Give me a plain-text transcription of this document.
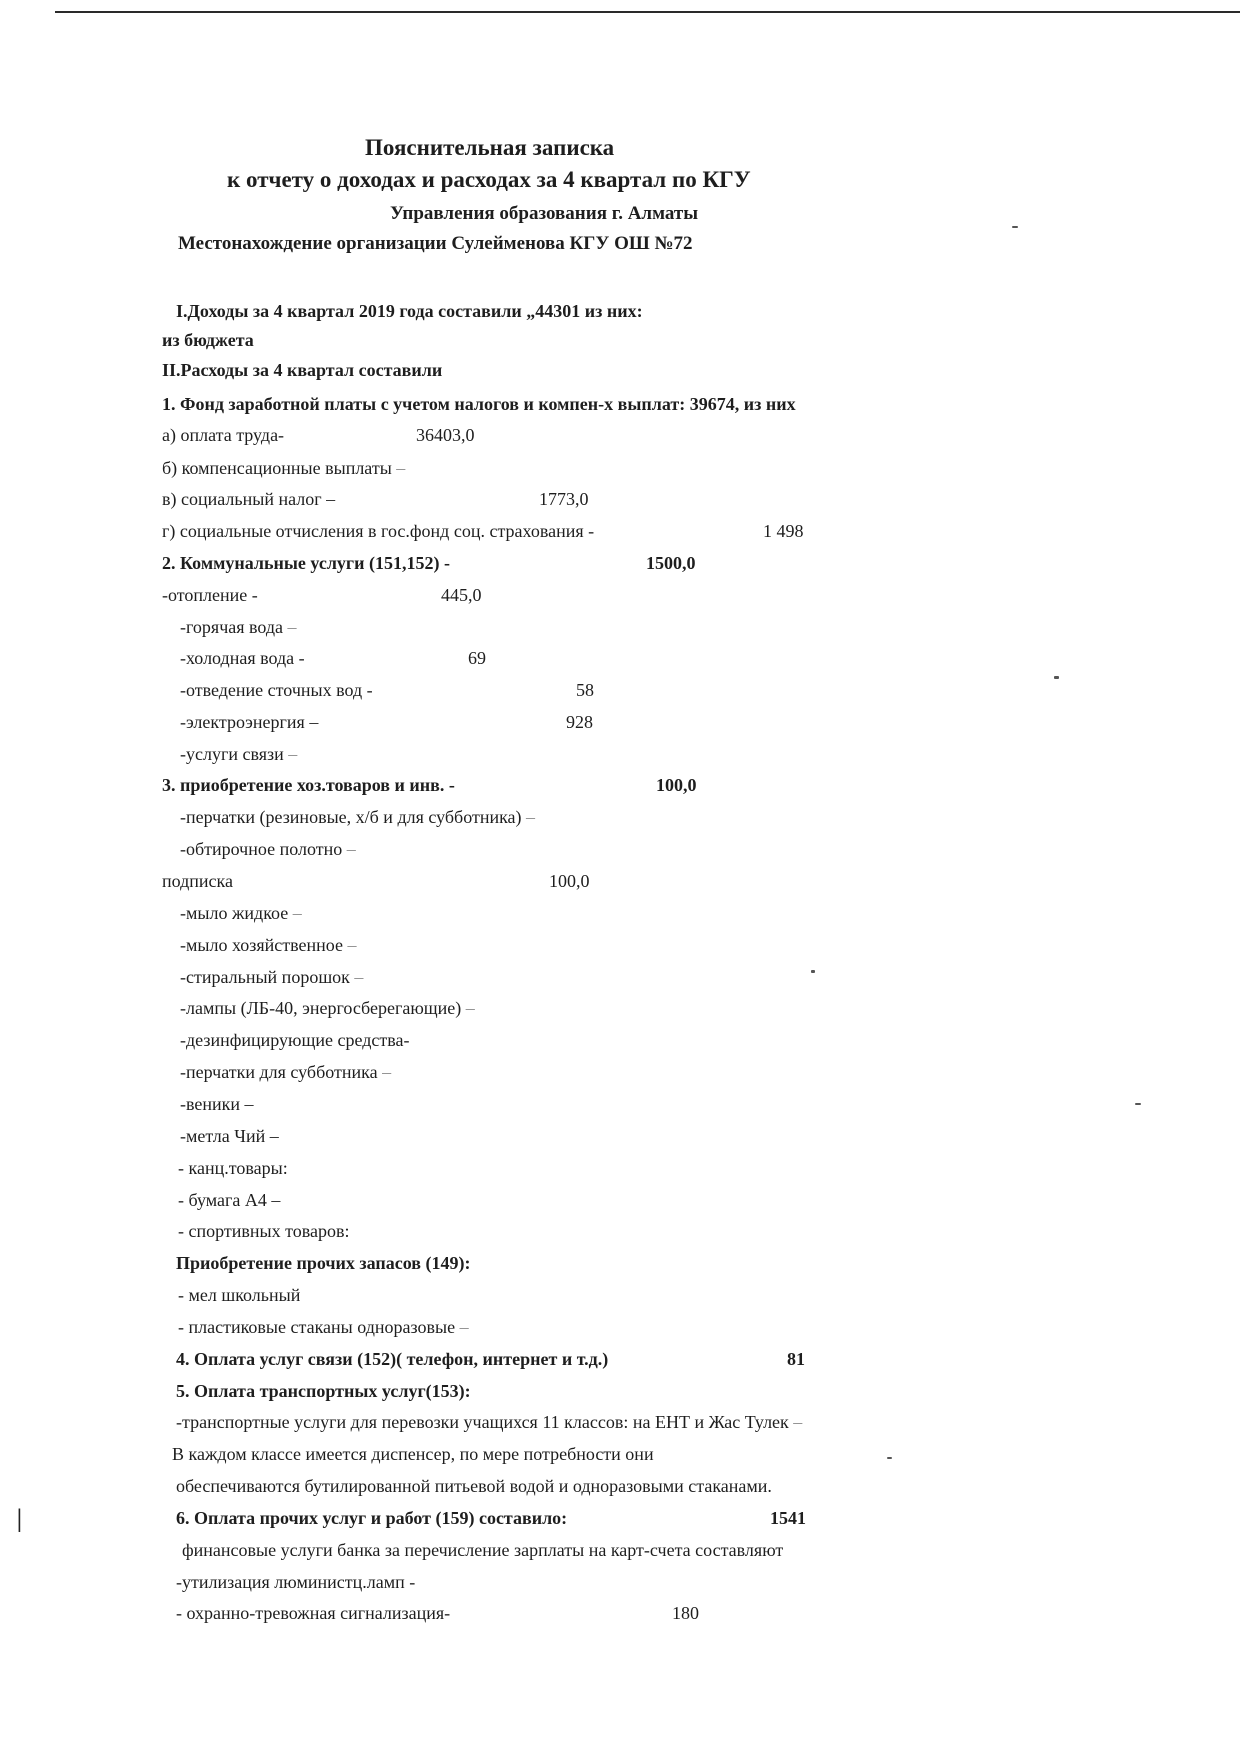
Пояснительная записка
к отчету о доходах и расходах за 4 квартал по КГУ
Управления образования г. Алматы
Местонахождение организации Сулейменова КГУ ОШ №72
I.Доходы за 4 квартал 2019 года составили „44301 из них:
из бюджета
II.Расходы за 4 квартал составили
1. Фонд заработной платы с учетом налогов и компен-х выплат: 39674, из них
а) оплата труда-	36403,0
б) компенсационные выплаты –
в) социальный налог –	1773,0
г) социальные отчисления в гос.фонд соц. страхования -	1 498
2. Коммунальные услуги (151,152) -	1500,0
-отопление -	445,0
-горячая вода –
-холодная вода -	69
-отведение сточных вод -	58
-электроэнергия –	928
-услуги связи –
3. приобретение хоз.товаров и инв. -	100,0
-перчатки (резиновые, х/б и для субботника) –
-обтирочное полотно –
подписка	100,0
-мыло жидкое –
-мыло хозяйственное –
-стиральный порошок –
-лампы (ЛБ-40, энергосберегающие) –
-дезинфицирующие средства-
-перчатки для субботника –
-веники –
-метла Чий –
- канц.товары:
- бумага А4 –
- спортивных товаров:
Приобретение прочих запасов (149):
- мел школьный
- пластиковые стаканы одноразовые –
4. Оплата услуг связи (152)( телефон, интернет и т.д.)	81
5. Оплата транспортных услуг(153):
-транспортные услуги для перевозки учащихся 11 классов: на ЕНТ и Жас Тулек –
В каждом классе имеется диспенсер, по мере потребности они
обеспечиваются бутилированной питьевой водой и одноразовыми стаканами.
6. Оплата прочих услуг и работ (159) составило:	1541
финансовые услуги банка за перечисление зарплаты на карт-счета составляют
-утилизация люминистц.ламп -
- охранно-тревожная сигнализация-	180
ǀ
